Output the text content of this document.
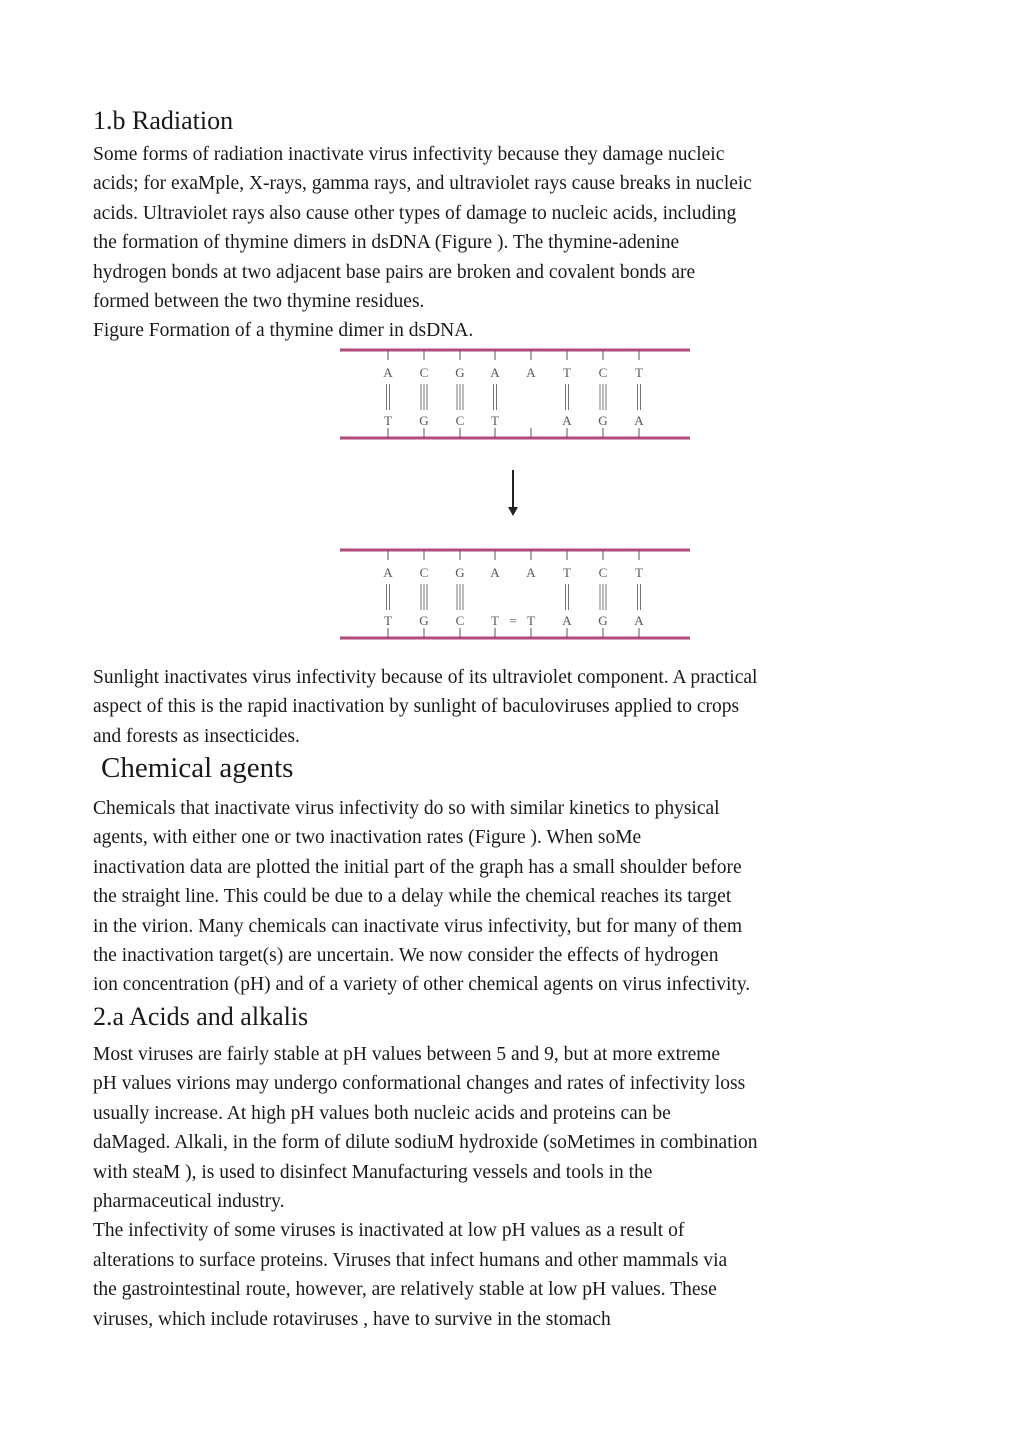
1.b Radiation
Some forms of radiation inactivate virus infectivity because they damage nucleic
acids; for exaMple, X-rays, gamma rays, and ultraviolet rays cause breaks in nucleic
acids. Ultraviolet rays also cause other types of damage to nucleic acids, including
the formation of thymine dimers in dsDNA (Figure ). The thymine-adenine
hydrogen bonds at two adjacent base pairs are broken and covalent bonds are
formed between the two thymine residues.
Figure Formation of a thymine dimer in dsDNA.
A
T
C
G
G
C
A
T
A T
A
C
G
T
A
A
T
C
G
G
C
A
T
A
T
T
A
C
G
T
A
=
Sunlight inactivates virus infectivity because of its ultraviolet component. A practical
aspect of this is the rapid inactivation by sunlight of baculoviruses applied to crops
and forests as insecticides.
Chemical agents
Chemicals that inactivate virus infectivity do so with similar kinetics to physical
agents, with either one or two inactivation rates (Figure ). When soMe
inactivation data are plotted the initial part of the graph has a small shoulder before
the straight line. This could be due to a delay while the chemical reaches its target
in the virion. Many chemicals can inactivate virus infectivity, but for many of them
the inactivation target(s) are uncertain. We now consider the effects of hydrogen
ion concentration (pH) and of a variety of other chemical agents on virus infectivity.
2.a Acids and alkalis
Most viruses are fairly stable at pH values between 5 and 9, but at more extreme
pH values virions may undergo conformational changes and rates of infectivity loss
usually increase. At high pH values both nucleic acids and proteins can be
daMaged. Alkali, in the form of dilute sodiuM hydroxide (soMetimes in combination
with steaM ), is used to disinfect Manufacturing vessels and tools in the
pharmaceutical industry.
The infectivity of some viruses is inactivated at low pH values as a result of
alterations to surface proteins. Viruses that infect humans and other mammals via
the gastrointestinal route, however, are relatively stable at low pH values. These
viruses, which include rotaviruses , have to survive in the stomach
